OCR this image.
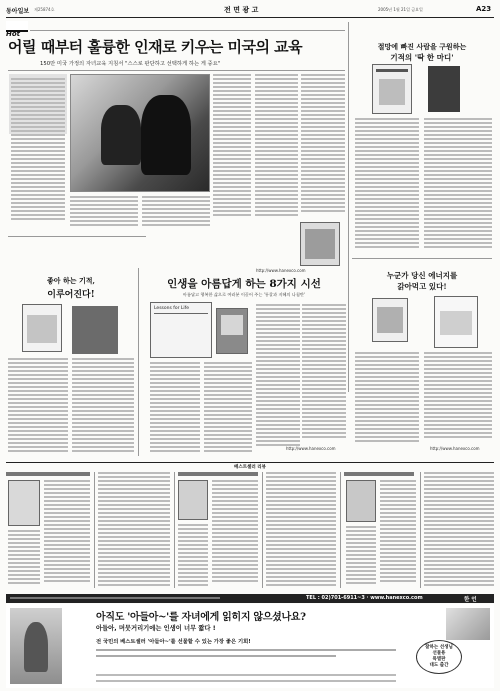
동아일보 제25874호	전 면 광 고	2005년 1월 21일 금요일	A23
Hot
어릴 때부터 훌륭한 인재로 키우는 미국의 교육
150만 미국 가정의 자녀교육 지침서 "스스로 판단하고 선택하게 하는 게 중요"
http://www.hanexco.com
절망에 빠진 사람을 구원하는
기적의 '딱 한 마디'
좋아 하는 기적,
이루어진다!
인생을 아름답게 하는 8가지 시선
아름답고 행복한 삶으로 여러분 이끌어 주는 '통찰과 지혜의 나침반'
Lessons for Life
http://www.hanexco.com
누군가 당신 에너지를
갉아먹고 있다!
http://www.hanexco.com
베스트셀러 리뷰
TEL : 02)701-6911~3 · www.hanexco.com	한 언
아직도 '아들아~'를 자녀에게 읽히지 않으셨나요?
아들아, 머뭇거리기에는 인생이 너무 짧다 !
전 국민의 베스트셀러 '아들아~'를 선물할 수 있는 가장 좋은 기회!
잘하는 선생님
선물용
특별판
대도 출간
